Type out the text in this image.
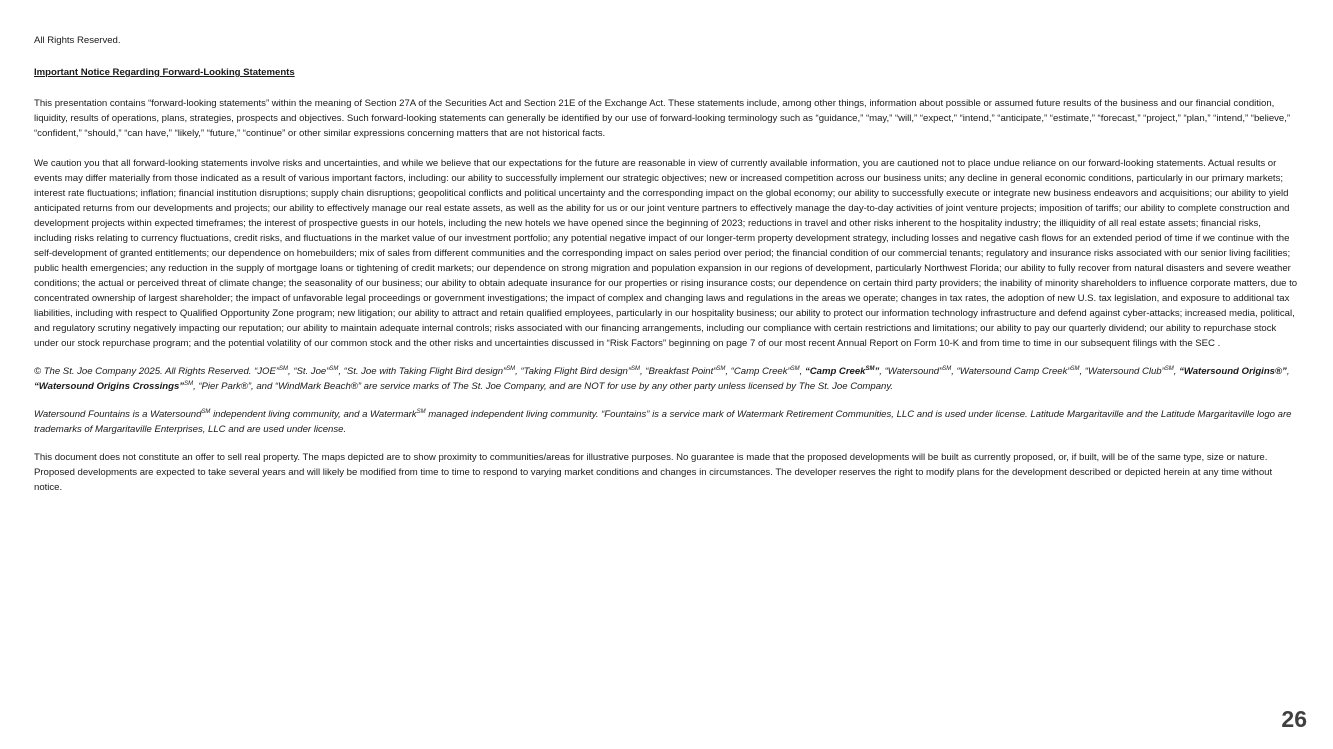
All Rights Reserved.

Important Notice Regarding Forward-Looking Statements

This presentation contains “forward-looking statements” within the meaning of Section 27A of the Securities Act and Section 21E of the Exchange Act. These statements include, among other things, information about possible or assumed future results of the business and our financial condition, liquidity, results of operations, plans, strategies, prospects and objectives. Such forward-looking statements can generally be identified by our use of forward-looking terminology such as “guidance,” “may,” “will,” “expect,” “intend,” “anticipate,” “estimate,” “forecast,” “project,” “plan,” “intend,” “believe,” “confident,” “should,” “can have,” “likely,” “future,” “continue” or other similar expressions concerning matters that are not historical facts.

We caution you that all forward-looking statements involve risks and uncertainties, and while we believe that our expectations for the future are reasonable in view of currently available information, you are cautioned not to place undue reliance on our forward-looking statements. Actual results or events may differ materially from those indicated as a result of various important factors, including: our ability to successfully implement our strategic objectives; new or increased competition across our business units; any decline in general economic conditions, particularly in our primary markets; interest rate fluctuations; inflation; financial institution disruptions; supply chain disruptions; geopolitical conflicts and political uncertainty and the corresponding impact on the global economy; our ability to successfully execute or integrate new business endeavors and acquisitions; our ability to yield anticipated returns from our developments and projects; our ability to effectively manage our real estate assets, as well as the ability for us or our joint venture partners to effectively manage the day-to-day activities of joint venture projects; imposition of tariffs; our ability to complete construction and development projects within expected timeframes; the interest of prospective guests in our hotels, including the new hotels we have opened since the beginning of 2023; reductions in travel and other risks inherent to the hospitality industry; the illiquidity of all real estate assets; financial risks, including risks relating to currency fluctuations, credit risks, and fluctuations in the market value of our investment portfolio; any potential negative impact of our longer-term property development strategy, including losses and negative cash flows for an extended period of time if we continue with the self-development of granted entitlements; our dependence on homebuilders; mix of sales from different communities and the corresponding impact on sales period over period; the financial condition of our commercial tenants; regulatory and insurance risks associated with our senior living facilities; public health emergencies; any reduction in the supply of mortgage loans or tightening of credit markets; our dependence on strong migration and population expansion in our regions of development, particularly Northwest Florida; our ability to fully recover from natural disasters and severe weather conditions; the actual or perceived threat of climate change; the seasonality of our business; our ability to obtain adequate insurance for our properties or rising insurance costs; our dependence on certain third party providers; the inability of minority shareholders to influence corporate matters, due to concentrated ownership of largest shareholder; the impact of unfavorable legal proceedings or government investigations; the impact of complex and changing laws and regulations in the areas we operate; changes in tax rates, the adoption of new U.S. tax legislation, and exposure to additional tax liabilities, including with respect to Qualified Opportunity Zone program; new litigation; our ability to attract and retain qualified employees, particularly in our hospitality business; our ability to protect our information technology infrastructure and defend against cyber-attacks; increased media, political, and regulatory scrutiny negatively impacting our reputation; our ability to maintain adequate internal controls; risks associated with our financing arrangements, including our compliance with certain restrictions and limitations; our ability to pay our quarterly dividend; our ability to repurchase stock under our stock repurchase program; and the potential volatility of our common stock and the other risks and uncertainties discussed in “Risk Factors” beginning on page 7 of our most recent Annual Report on Form 10-K and from time to time in our subsequent filings with the SEC .

© The St. Joe Company 2025. All Rights Reserved. “JOE”℠, “St. Joe”℠, “St. Joe with Taking Flight Bird design”℠, “Taking Flight Bird design”℠, “Breakfast Point”℠, “Camp Creek”℠, “Camp Creek℠”, “Watersound”℠, “Watersound Camp Creek”℠, “Watersound Club”℠, “Watersound Origins®”, “Watersound Origins Crossings”℠, “Pier Park®”, and “WindMark Beach®” are service marks of The St. Joe Company, and are NOT for use by any other party unless licensed by The St. Joe Company.

Watersound Fountains is a Watersound℠ independent living community, and a Watermark℠ managed independent living community. “Fountains” is a service mark of Watermark Retirement Communities, LLC and is used under license. Latitude Margaritaville and the Latitude Margaritaville logo are trademarks of Margaritaville Enterprises, LLC and are used under license.

This document does not constitute an offer to sell real property. The maps depicted are to show proximity to communities/areas for illustrative purposes. No guarantee is made that the proposed developments will be built as currently proposed, or, if built, will be of the same type, size or nature. Proposed developments are expected to take several years and will likely be modified from time to time to respond to varying market conditions and changes in circumstances. The developer reserves the right to modify plans for the development described or depicted herein at any time without notice.

26
